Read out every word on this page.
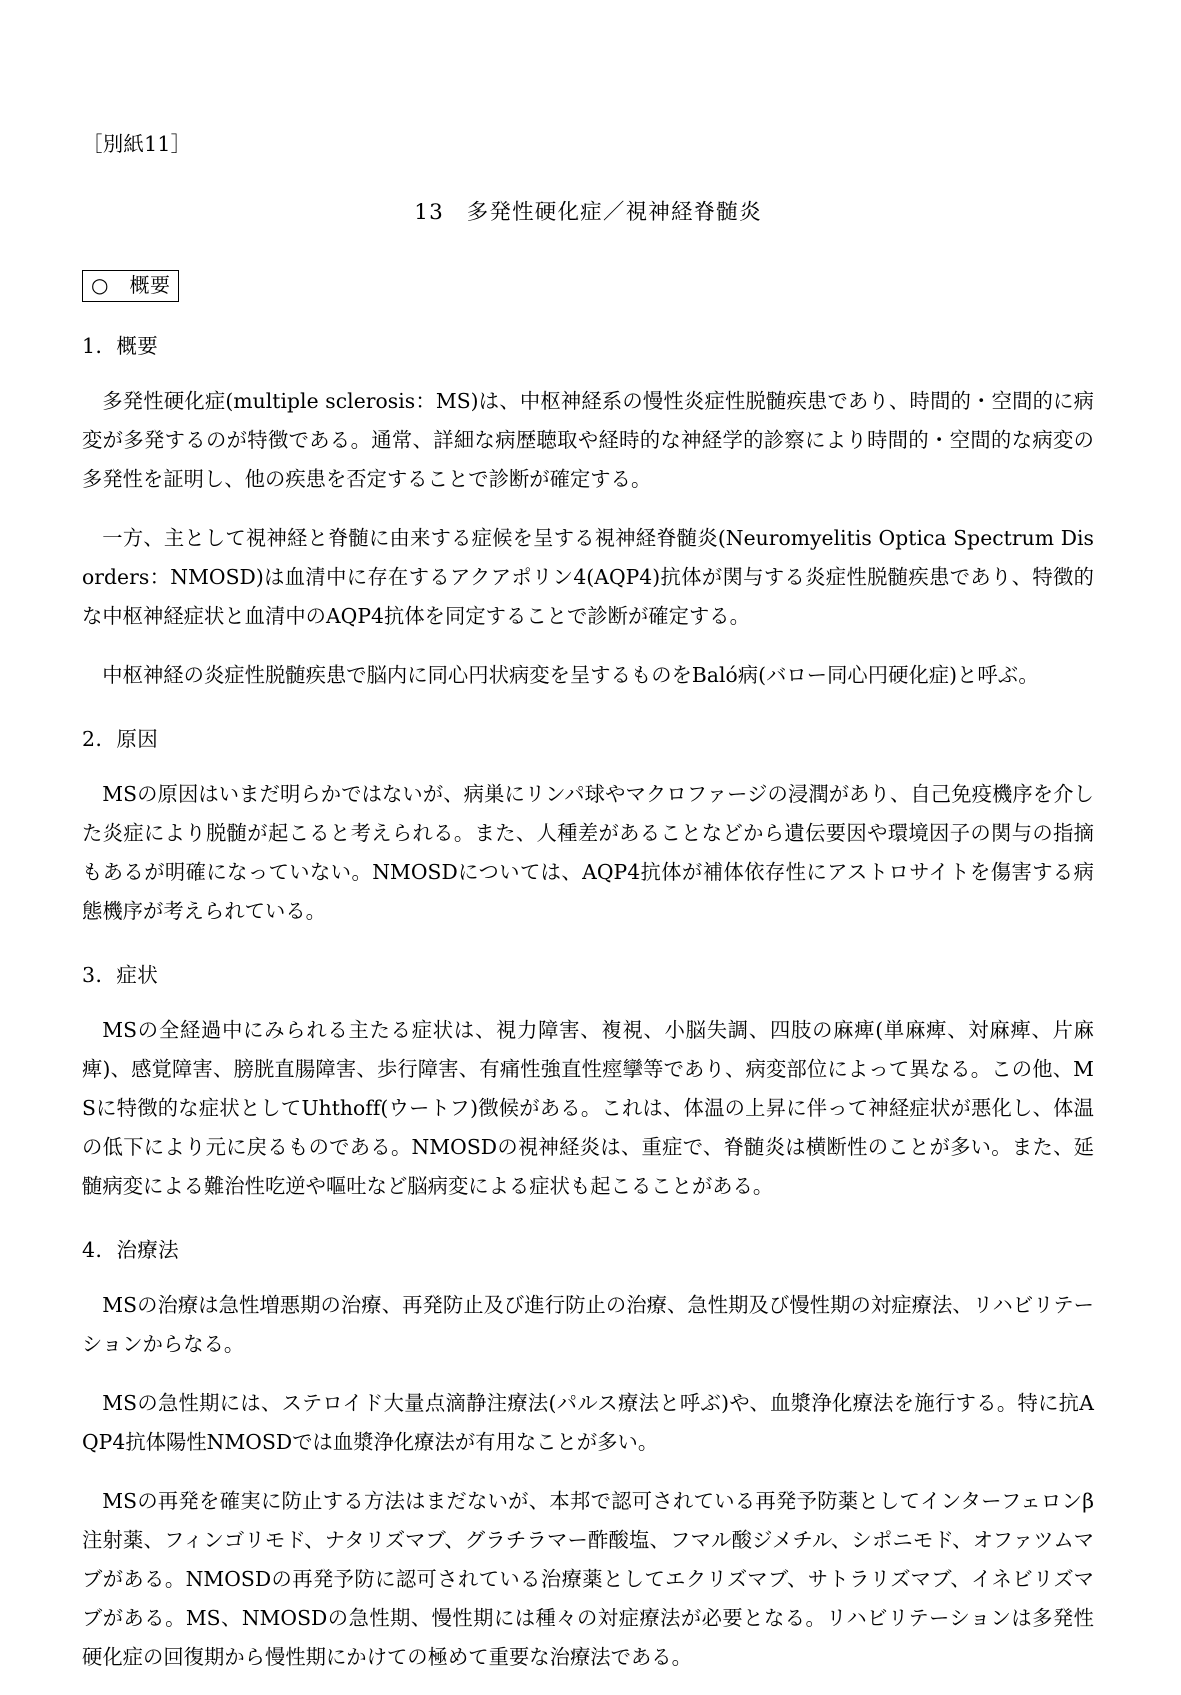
［別紙11］
13　多発性硬化症／視神経脊髄炎
○　概要
1．概要

多発性硬化症(multiple sclerosis：MS)は、中枢神経系の慢性炎症性脱髄疾患であり、時間的・空間的に病変が多発するのが特徴である。通常、詳細な病歴聴取や経時的な神経学的診察により時間的・空間的な病変の多発性を証明し、他の疾患を否定することで診断が確定する。

一方、主として視神経と脊髄に由来する症候を呈する視神経脊髄炎(Neuromyelitis Optica Spectrum Disorders：NMOSD)は血清中に存在するアクアポリン4(AQP4)抗体が関与する炎症性脱髄疾患であり、特徴的な中枢神経症状と血清中のAQP4抗体を同定することで診断が確定する。

中枢神経の炎症性脱髄疾患で脳内に同心円状病変を呈するものをBaló病(バロー同心円硬化症)と呼ぶ。

2．原因

MSの原因はいまだ明らかではないが、病巣にリンパ球やマクロファージの浸潤があり、自己免疫機序を介した炎症により脱髄が起こると考えられる。また、人種差があることなどから遺伝要因や環境因子の関与の指摘もあるが明確になっていない。NMOSDについては、AQP4抗体が補体依存性にアストロサイトを傷害する病態機序が考えられている。

3．症状

MSの全経過中にみられる主たる症状は、視力障害、複視、小脳失調、四肢の麻痺(単麻痺、対麻痺、片麻痺)、感覚障害、膀胱直腸障害、歩行障害、有痛性強直性痙攣等であり、病変部位によって異なる。この他、MSに特徴的な症状としてUhthoff(ウートフ)徴候がある。これは、体温の上昇に伴って神経症状が悪化し、体温の低下により元に戻るものである。NMOSDの視神経炎は、重症で、脊髄炎は横断性のことが多い。また、延髄病変による難治性吃逆や嘔吐など脳病変による症状も起こることがある。

4．治療法

MSの治療は急性増悪期の治療、再発防止及び進行防止の治療、急性期及び慢性期の対症療法、リハビリテーションからなる。

MSの急性期には、ステロイド大量点滴静注療法(パルス療法と呼ぶ)や、血漿浄化療法を施行する。特に抗AQP4抗体陽性NMOSDでは血漿浄化療法が有用なことが多い。

MSの再発を確実に防止する方法はまだないが、本邦で認可されている再発予防薬としてインターフェロンβ注射薬、フィンゴリモド、ナタリズマブ、グラチラマー酢酸塩、フマル酸ジメチル、シポニモド、オファツムマブがある。NMOSDの再発予防に認可されている治療薬としてエクリズマブ、サトラリズマブ、イネビリズマブがある。MS、NMOSDの急性期、慢性期には種々の対症療法が必要となる。リハビリテーションは多発性硬化症の回復期から慢性期にかけての極めて重要な治療法である。
